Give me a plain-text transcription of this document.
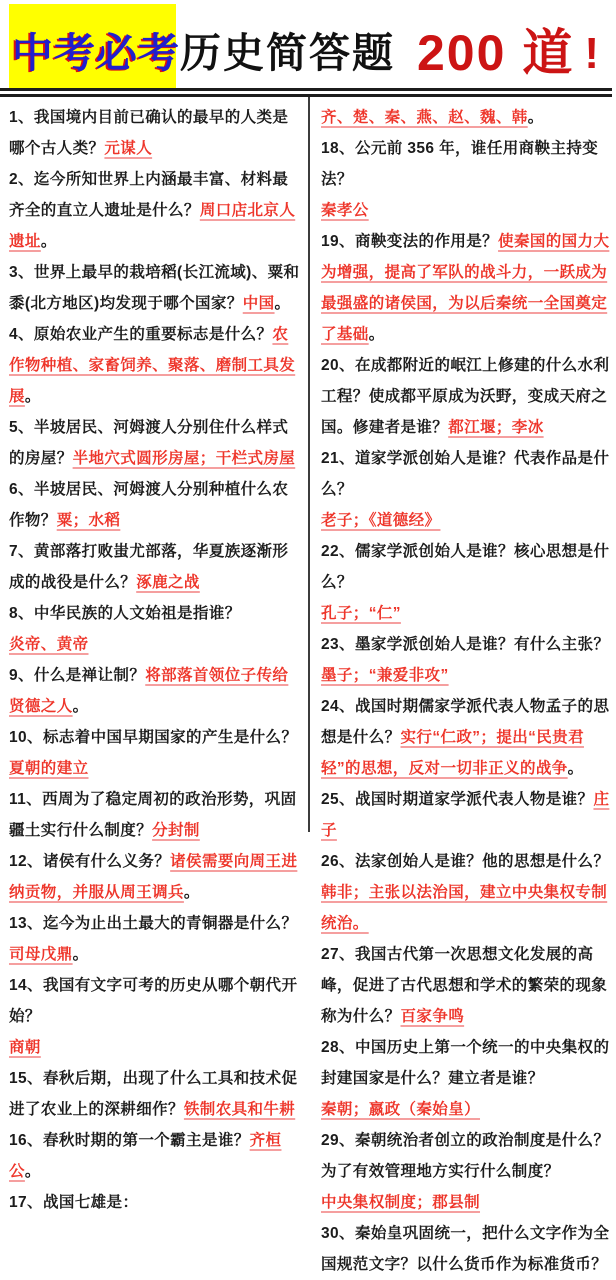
中考必考 历史简答题 200 道 !

1、我国境内目前已确认的最早的人类是哪个古人类？元谋人

2、迄今所知世界上内涵最丰富、材料最齐全的直立人遗址是什么？周口店北京人遗址。

3、世界上最早的栽培稻(长江流域)、粟和黍(北方地区)均发现于哪个国家？中国。

4、原始农业产生的重要标志是什么？农作物种植、家畜饲养、聚落、磨制工具发展。

5、半坡居民、河姆渡人分别住什么样式的房屋？半地穴式圆形房屋；干栏式房屋

6、半坡居民、河姆渡人分别种植什么农作物？粟；水稻

7、黄部落打败蚩尤部落，华夏族逐渐形成的战役是什么？涿鹿之战

8、中华民族的人文始祖是指谁？
炎帝、黄帝

9、什么是禅让制？将部落首领位子传给贤德之人。

10、标志着中国早期国家的产生是什么？
夏朝的建立

11、西周为了稳定周初的政治形势，巩固疆土实行什么制度？分封制

12、诸侯有什么义务？诸侯需要向周王进纳贡物，并服从周王调兵。

13、迄今为止出土最大的青铜器是什么？
司母戊鼎。

14、我国有文字可考的历史从哪个朝代开始？
商朝

15、春秋后期，出现了什么工具和技术促进了农业上的深耕细作？铁制农具和牛耕

16、春秋时期的第一个霸主是谁？齐桓公。

17、战国七雄是：

齐、楚、秦、燕、赵、魏、韩。

18、公元前 356 年，谁任用商鞅主持变法？
秦孝公

19、商鞅变法的作用是？使秦国的国力大为增强，提高了军队的战斗力，一跃成为最强盛的诸侯国，为以后秦统一全国奠定了基础。

20、在成都附近的岷江上修建的什么水利工程？使成都平原成为沃野，变成天府之国。修建者是谁？都江堰；李冰

21、道家学派创始人是谁？代表作品是什么？
老子；《道德经》

22、儒家学派创始人是谁？核心思想是什么？
孔子；“仁”

23、墨家学派创始人是谁？有什么主张？墨子；“兼爱非攻”

24、战国时期儒家学派代表人物孟子的思想是什么？实行“仁政”；提出“民贵君轻”的思想，反对一切非正义的战争。

25、战国时期道家学派代表人物是谁？庄子

26、法家创始人是谁？他的思想是什么？韩非；主张以法治国，建立中央集权专制统治。

27、我国古代第一次思想文化发展的高峰，促进了古代思想和学术的繁荣的现象称为什么？百家争鸣

28、中国历史上第一个统一的中央集权的封建国家是什么？建立者是谁？
秦朝；嬴政（秦始皇）

29、秦朝统治者创立的政治制度是什么？为了有效管理地方实行什么制度？
中央集权制度；郡县制

30、秦始皇巩固统一，把什么文字作为全国规范文字？以什么货币作为标准货币？
